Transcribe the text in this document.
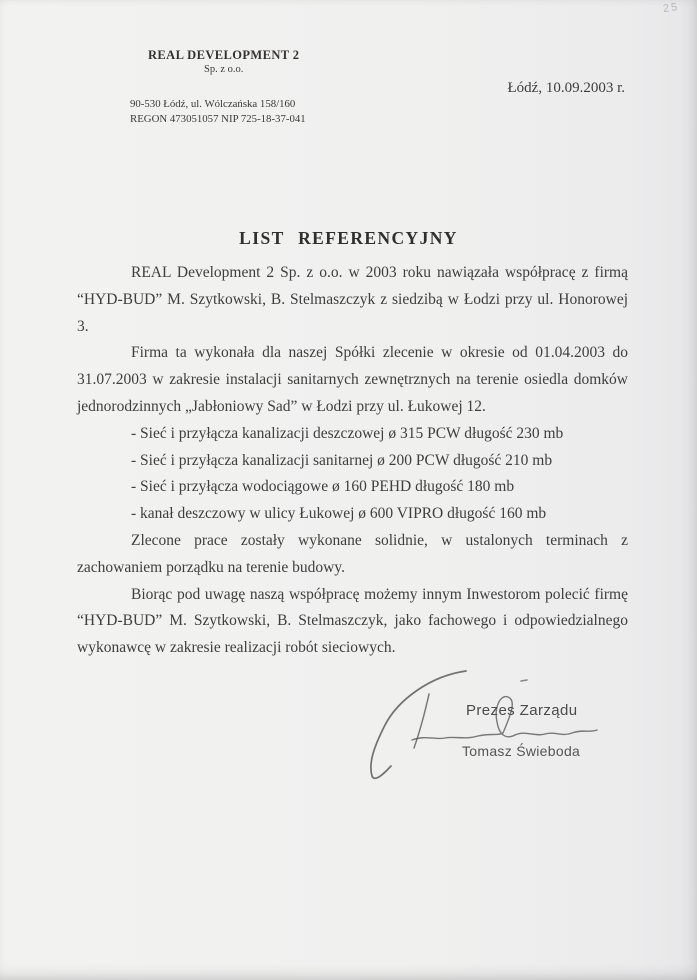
25
REAL DEVELOPMENT 2
Sp. z o.o.
90-530 Łódź, ul. Wólczańska 158/160
REGON 473051057 NIP 725-18-37-041
Łódź, 10.09.2003 r.
LIST REFERENCYJNY

REAL Development 2 Sp. z o.o. w 2003 roku nawiązała współpracę z firmą “HYD-BUD” M. Szytkowski, B. Stelmaszczyk z siedzibą w Łodzi przy ul. Honorowej 3.

Firma ta wykonała dla naszej Spółki zlecenie w okresie od 01.04.2003 do 31.07.2003 w zakresie instalacji sanitarnych zewnętrznych na terenie osiedla domków jednorodzinnych „Jabłoniowy Sad” w Łodzi przy ul. Łukowej 12.

- Sieć i przyłącza kanalizacji deszczowej ø 315 PCW długość 230 mb

- Sieć i przyłącza kanalizacji sanitarnej ø 200 PCW długość 210 mb

- Sieć i przyłącza wodociągowe ø 160 PEHD długość 180 mb

- kanał deszczowy w ulicy Łukowej ø 600 VIPRO długość 160 mb

Zlecone prace zostały wykonane solidnie, w ustalonych terminach z zachowaniem porządku na terenie budowy.

Biorąc pod uwagę naszą współpracę możemy innym Inwestorom polecić firmę “HYD-BUD” M. Szytkowski, B. Stelmaszczyk, jako fachowego i odpowiedzialnego wykonawcę w zakresie realizacji robót sieciowych.

Prezes Zarządu
Tomasz Świeboda
